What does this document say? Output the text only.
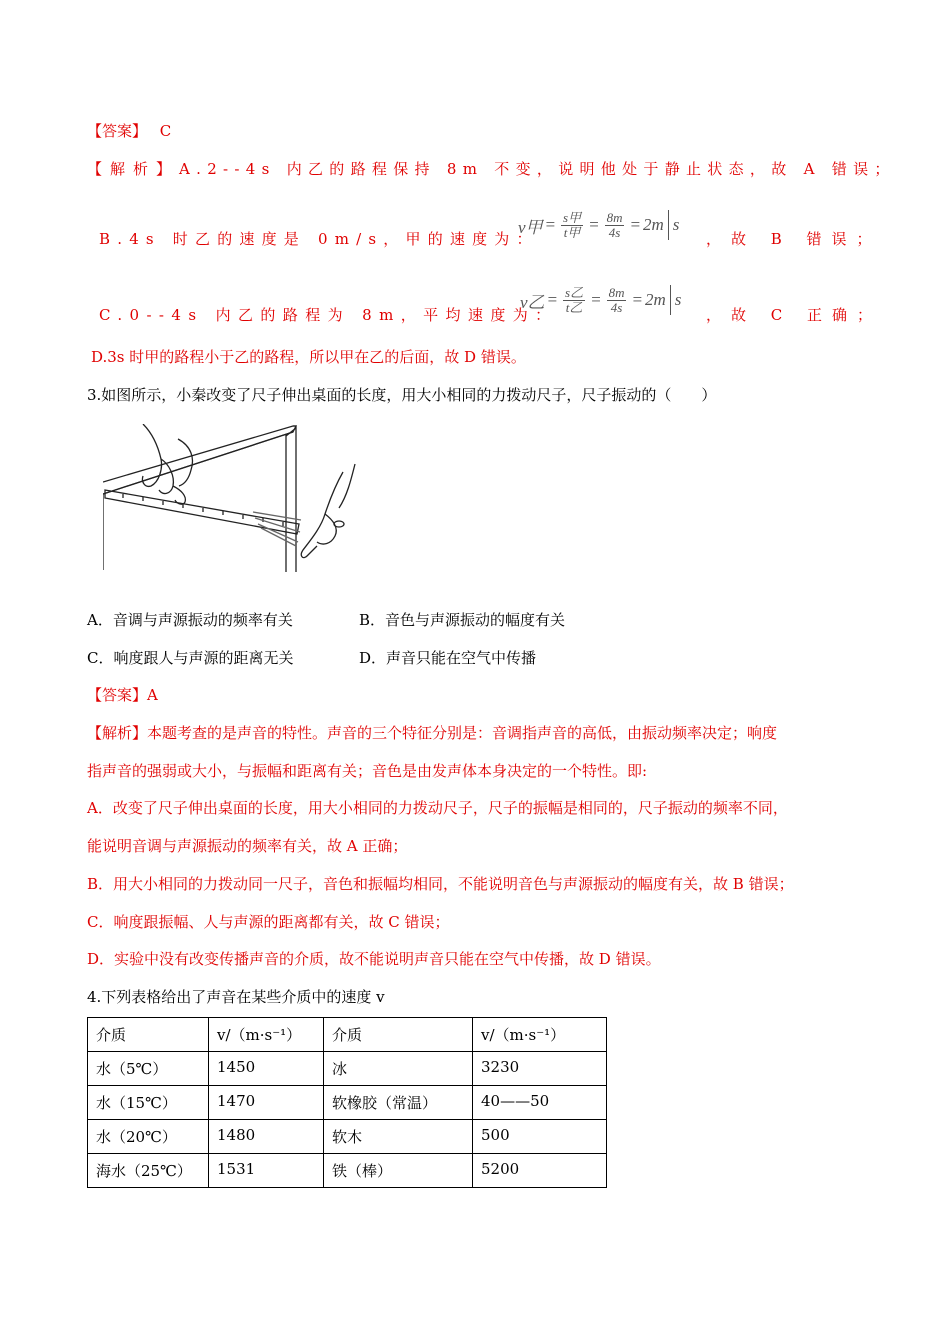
【答案】 C
【解析】 A.2--4s 内乙的路程保持 8m 不变，说明他处于静止状态，故 A 错误；
B.4s 时乙的速度是 0m/s，甲的速度为：
v甲 = $\frac{\text{s甲}}{\text{t甲}} = \frac{8m}{4s} = 2m$ s
，故 B 错误；
C.0--4s 内乙的路程为 8m，平均速度为：
v乙 = $\frac{\text{s乙}}{\text{t乙}} = \frac{8m}{4s} = 2m$ s
，故 C 正确；
D.3s 时甲的路程小于乙的路程，所以甲在乙的后面，故 D 错误。
3.如图所示，小秦改变了尺子伸出桌面的长度，用大小相同的力拨动尺子，尺子振动的（　　）
A．音调与声源振动的频率有关	B．音色与声源振动的幅度有关
C．响度跟人与声源的距离无关	D．声音只能在空气中传播
【答案】A
【解析】本题考查的是声音的特性。声音的三个特征分别是：音调指声音的高低，由振动频率决定；响度
指声音的强弱或大小，与振幅和距离有关；音色是由发声体本身决定的一个特性。即:
A．改变了尺子伸出桌面的长度，用大小相同的力拨动尺子，尺子的振幅是相同的，尺子振动的频率不同，
能说明音调与声源振动的频率有关，故 A 正确；
B．用大小相同的力拨动同一尺子，音色和振幅均相同，不能说明音色与声源振动的幅度有关，故 B 错误；
C．响度跟振幅、人与声源的距离都有关，故 C 错误；
D．实验中没有改变传播声音的介质，故不能说明声音只能在空气中传播，故 D 错误。
4.下列表格给出了声音在某些介质中的速度 v
介质	v/（m·s⁻¹）	介质	v/（m·s⁻¹）
水（5℃）	1450	冰	3230
水（15℃）	1470	软橡胶（常温）	40——50
水（20℃）	1480	软木	500
海水（25℃）	1531	铁（棒）	5200
